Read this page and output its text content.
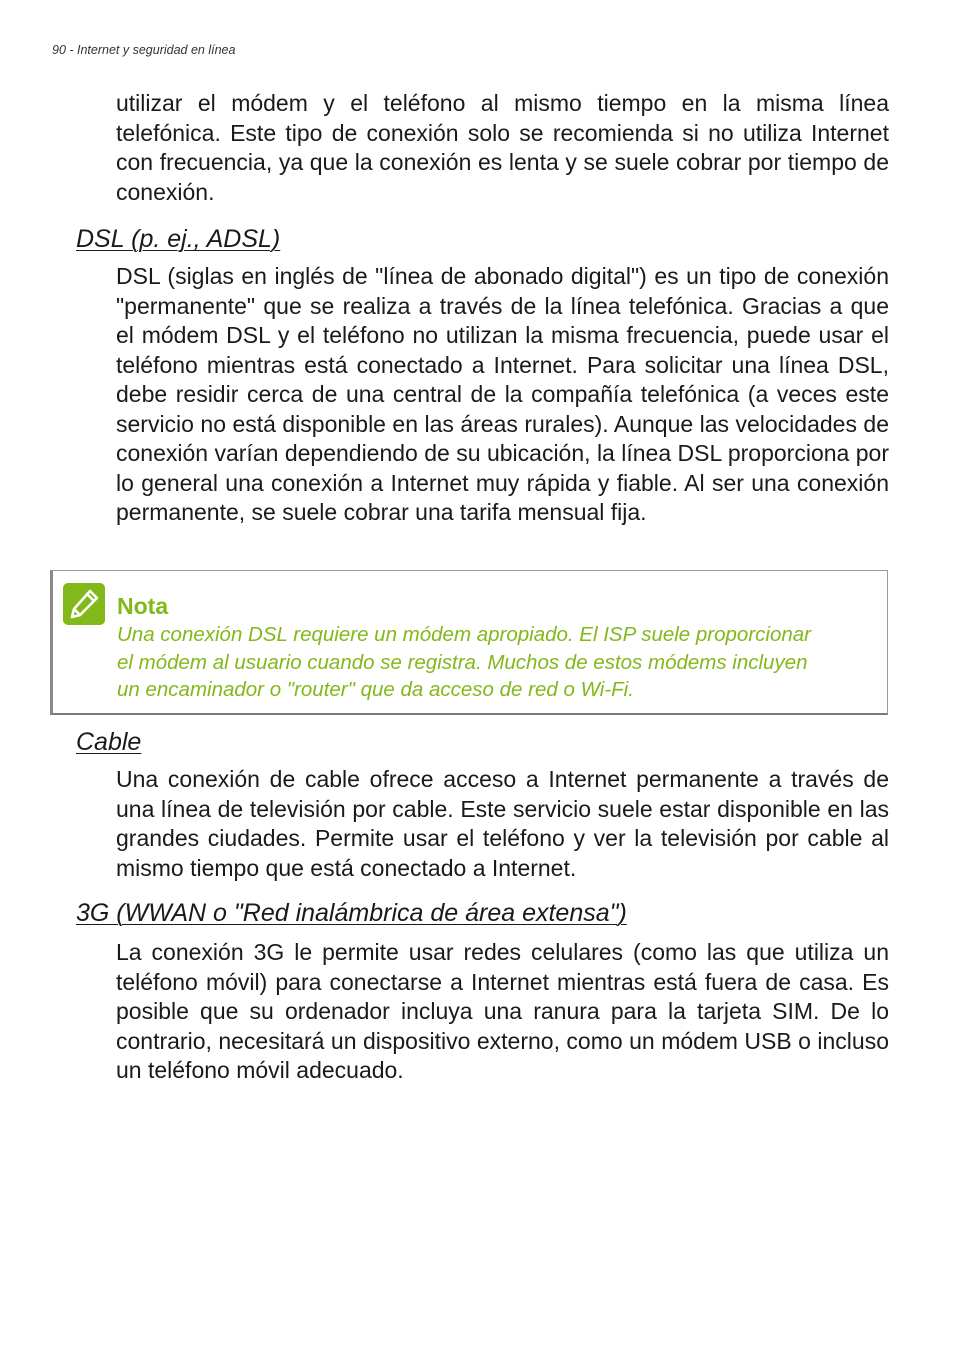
90 - Internet y seguridad en línea

utilizar el módem y el teléfono al mismo tiempo en la misma línea telefónica. Este tipo de conexión solo se recomienda si no utiliza Internet con frecuencia, ya que la conexión es lenta y se suele cobrar por tiempo de conexión.

DSL (p. ej., ADSL)

DSL (siglas en inglés de "línea de abonado digital") es un tipo de conexión "permanente" que se realiza a través de la línea telefónica. Gracias a que el módem DSL y el teléfono no utilizan la misma frecuencia, puede usar el teléfono mientras está conectado a Internet. Para solicitar una línea DSL, debe residir cerca de una central de la compañía telefónica (a veces este servicio no está disponible en las áreas rurales). Aunque las velocidades de conexión varían dependiendo de su ubicación, la línea DSL proporciona por lo general una conexión a Internet muy rápida y fiable. Al ser una conexión permanente, se suele cobrar una tarifa mensual fija.

Nota

Una conexión DSL requiere un módem apropiado. El ISP suele proporcionar
el módem al usuario cuando se registra. Muchos de estos módems incluyen
un encaminador o "router" que da acceso de red o Wi-Fi.

Cable

Una conexión de cable ofrece acceso a Internet permanente a través de una línea de televisión por cable. Este servicio suele estar disponible en las grandes ciudades. Permite usar el teléfono y ver la televisión por cable al mismo tiempo que está conectado a Internet.

3G (WWAN o "Red inalámbrica de área extensa")

La conexión 3G le permite usar redes celulares (como las que utiliza un teléfono móvil) para conectarse a Internet mientras está fuera de casa. Es posible que su ordenador incluya una ranura para la tarjeta SIM. De lo contrario, necesitará un dispositivo externo, como un módem USB o incluso un teléfono móvil adecuado.
